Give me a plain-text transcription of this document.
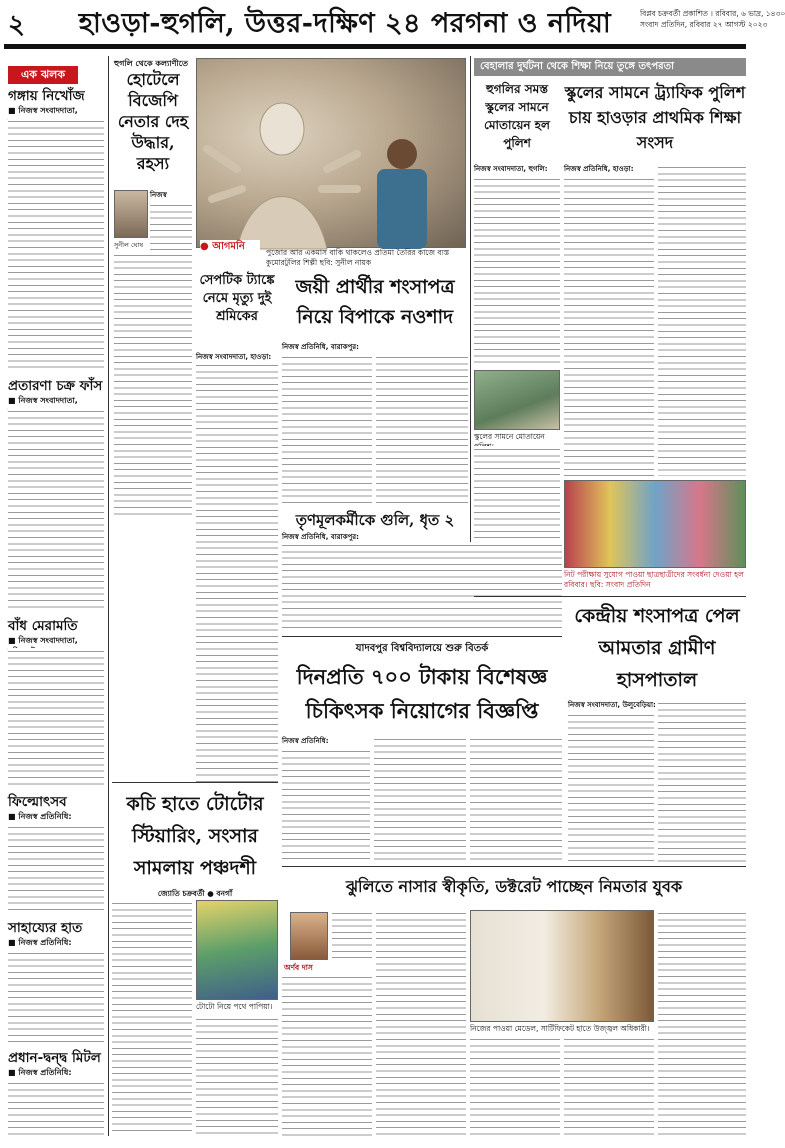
২	হাওড়া-হুগলি, উত্তর-দক্ষিণ ২৪ পরগনা ও নদিয়া	বিপ্লব চক্রবর্তী প্রকাশিত । রবিবার, ৬ ভাদ্র, ১৪৩০
সংবাদ প্রতিদিন, রবিবার ২৭ আগস্ট ২০২৩
এক ঝলক
গঙ্গায় নিখোঁজ
■ নিজস্ব সংবাদদাতা,
প্রতারণা চক্র ফাঁস
■ নিজস্ব সংবাদদাতা,
বাঁধ মেরামতি
■ নিজস্ব সংবাদদাতা,
ফিল্মোৎসব
■ নিজস্ব প্রতিনিধি:
সাহায্যের হাত
■ নিজস্ব প্রতিনিধি:
প্রধান-দ্বন্দ্ব মিটল
■ নিজস্ব প্রতিনিধি:
হুগলি থেকে কল্যাণীতে
হোটেলে বিজেপি নেতার দেহ উদ্ধার, রহস্য
সুনীল ঘোষ
নিজস্ব
● আগমনি
পুজোর আর একমাস বাকি থাকলেও প্রতিমা তৈরির কাজে ব্যস্ত কুমোরটুলির শিল্পী ছবি: সুনীল নায়ক
সেপটিক ট্যাঙ্কে নেমে মৃত্যু দুই শ্রমিকের
নিজস্ব সংবাদদাতা, হাওড়া:
হুগলির সমস্ত স্কুলের সামনে মোতায়েন হল পুলিশ
নিজস্ব সংবাদদাতা, হুগলি:
স্কুলের সামনে মোতায়েন
বেহালার দুর্ঘটনা থেকে শিক্ষা নিয়ে তুঙ্গে তৎপরতা
স্কুলের সামনে ট্র্যাফিক পুলিশ চায় হাওড়ার প্রাথমিক শিক্ষা সংসদ
নিজস্ব প্রতিনিধি, হাওড়া:
নিট পরীক্ষায় সুযোগ পাওয়া ছাত্রছাত্রীদের সংবর্ধনা দেওয়া হল রবিবার। ছবি: সংবাদ প্রতিদিন
জয়ী প্রার্থীর শংসাপত্র নিয়ে বিপাকে নওশাদ
নিজস্ব প্রতিনিধি, বারাকপুর:
তৃণমূলকর্মীকে গুলি, ধৃত ২
নিজস্ব প্রতিনিধি, বারাকপুর:
কেন্দ্রীয় শংসাপত্র পেল আমতার গ্রামীণ হাসপাতাল
নিজস্ব সংবাদদাতা, উলুবেড়িয়া:
যাদবপুর বিশ্ববিদ্যালয়ে শুরু বিতর্ক
দিনপ্রতি ৭০০ টাকায় বিশেষজ্ঞ চিকিৎসক নিয়োগের বিজ্ঞপ্তি
নিজস্ব প্রতিনিধি:
কচি হাতে টোটোর স্টিয়ারিং, সংসার সামলায় পঞ্চদশী
জ্যোতি চক্রবর্তী ● বনগাঁ
টোটো নিয়ে পথে পাপিয়া।
ঝুলিতে নাসার স্বীকৃতি, ডক্টরেট পাচ্ছেন নিমতার যুবক
অর্ণব দাস
নিজের পাওয়া মেডেল, সার্টিফিকেট হাতে উজ্জ্বল অধিকারী।
